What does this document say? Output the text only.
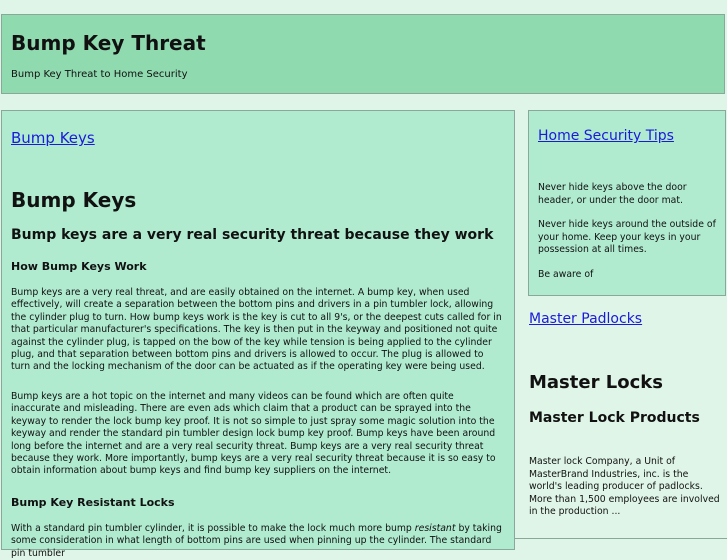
Bump Key Threat
Bump Key Threat to Home Security
Bump Keys
Bump Keys
Bump keys are a very real security threat because they work
How Bump Keys Work

Bump keys are a very real threat, and are easily obtained on the internet. A bump key, when used effectively, will create a separation between the bottom pins and drivers in a pin tumbler lock, allowing the cylinder plug to turn. How bump keys work is the key is cut to all 9's, or the deepest cuts called for in that particular manufacturer's specifications. The key is then put in the keyway and positioned not quite against the cylinder plug, is tapped on the bow of the key while tension is being applied to the cylinder plug, and that separation between bottom pins and drivers is allowed to occur. The plug is allowed to turn and the locking mechanism of the door can be actuated as if the operating key were being used.

Bump keys are a hot topic on the internet and many videos can be found which are often quite inaccurate and misleading. There are even ads which claim that a product can be sprayed into the keyway to render the lock bump key proof. It is not so simple to just spray some magic solution into the keyway and render the standard pin tumbler design lock bump key proof. Bump keys have been around long before the internet and are a very real security threat. Bump keys are a very real security threat because they work. More importantly, bump keys are a very real security threat because it is so easy to obtain information about bump keys and find bump key suppliers on the internet.

Bump Key Resistant Locks

With a standard pin tumbler cylinder, it is possible to make the lock much more bump resistant by taking some consideration in what length of bottom pins are used when pinning up the cylinder. The standard pin tumbler

Home Security Tips

Never hide keys above the door header, or under the door mat.

Never hide keys around the outside of your home. Keep your keys in your possession at all times.

Be aware of

Master Padlocks
Master Locks
Master Lock Products

Master lock Company, a Unit of MasterBrand Industries, inc. is the world's leading producer of padlocks. More than 1,500 employees are involved in the production ...
